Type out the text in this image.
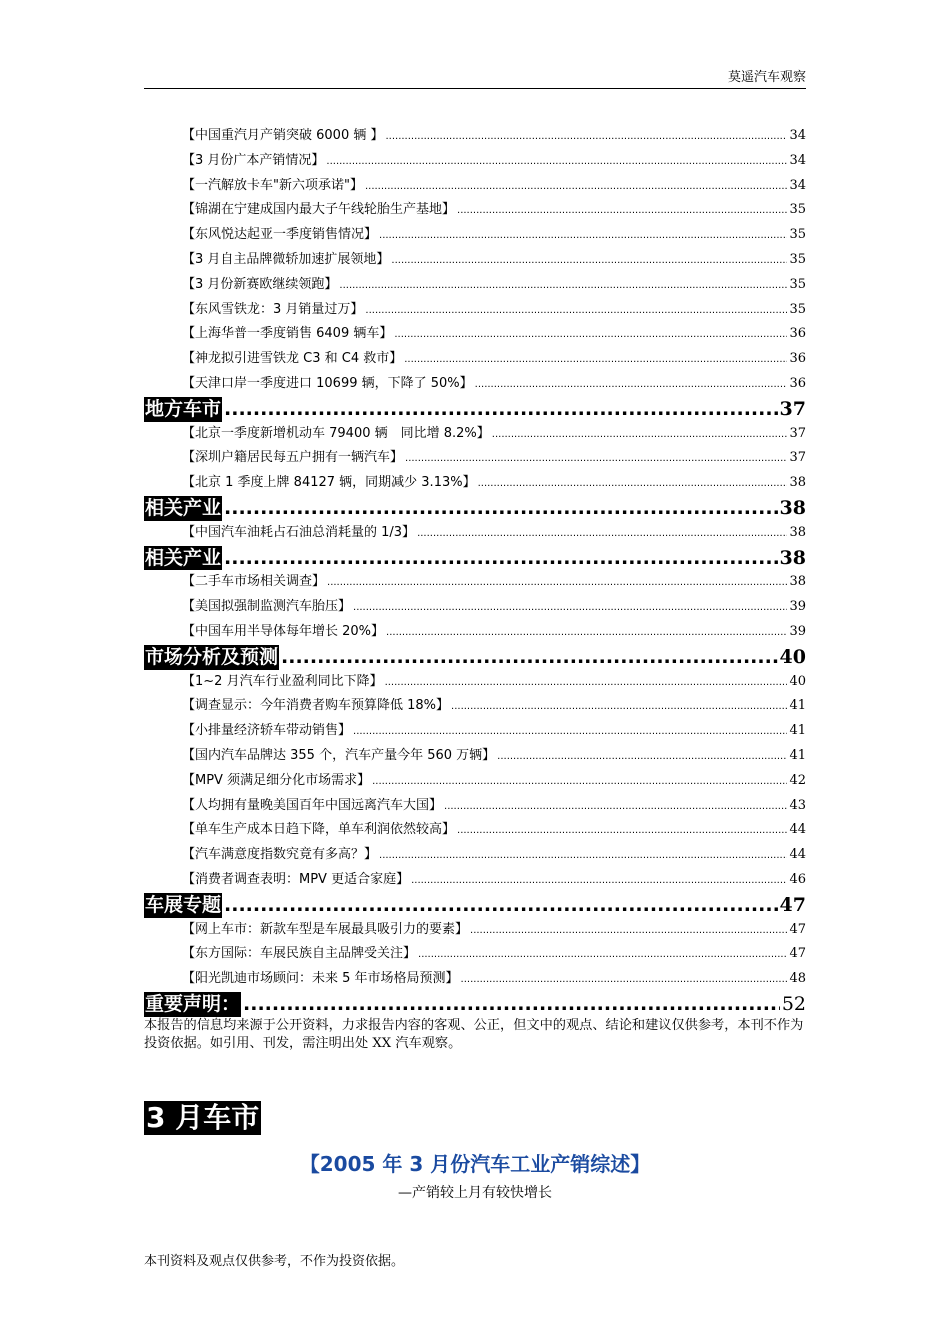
莫遥汽车观察
【中国重汽月产销突破 6000 辆 】 .....	34
【3 月份广本产销情况】 .....	34
【一汽解放卡车"新六项承诺"】 .....	34
【锦湖在宁建成国内最大子午线轮胎生产基地】 .....	35
【东风悦达起亚一季度销售情况】 .....	35
【3 月自主品牌微轿加速扩展领地】 .....	35
【3 月份新赛欧继续领跑】 .....	35
【东风雪铁龙：3 月销量过万】 .....	35
【上海华普一季度销售 6409 辆车】 .....	36
【神龙拟引进雪铁龙 C3 和 C4 救市】 .....	36
【天津口岸一季度进口 10699 辆，下降了 50%】 .....	36
地方车市 .....	37
【北京一季度新增机动车 79400 辆　同比增 8.2%】 .....	37
【深圳户籍居民每五户拥有一辆汽车】 .....	37
【北京 1 季度上牌 84127 辆，同期减少 3.13%】 .....	38
相关产业 .....	38
【中国汽车油耗占石油总消耗量的 1/3】 .....	38
相关产业 .....	38
【二手车市场相关调查】 .....	38
【美国拟强制监测汽车胎压】 .....	39
【中国车用半导体每年增长 20%】 .....	39
市场分析及预测 .....	40
【1~2 月汽车行业盈利同比下降】 .....	40
【调查显示：今年消费者购车预算降低 18%】 .....	41
【小排量经济轿车带动销售】 .....	41
【国内汽车品牌达 355 个，汽车产量今年 560 万辆】 .....	41
【MPV 须满足细分化市场需求】 .....	42
【人均拥有量晚美国百年中国远离汽车大国】 .....	43
【单车生产成本日趋下降，单车利润依然较高】 .....	44
【汽车满意度指数究竟有多高？】 .....	44
【消费者调查表明：MPV 更适合家庭】 .....	46
车展专题 .....	47
【网上车市：新款车型是车展最具吸引力的要素】 .....	47
【东方国际：车展民族自主品牌受关注】 .....	47
【阳光凯迪市场顾问：未来 5 年市场格局预测】 .....	48
重要声明： .....	52
本报告的信息均来源于公开资料，力求报告内容的客观、公正，但文中的观点、结论和建议仅供参考，本刊不作为投资依据。如引用、刊发，需注明出处 XX 汽车观察。
3 月车市
【2005 年 3 月份汽车工业产销综述】
—产销较上月有较快增长
本刊资料及观点仅供参考，不作为投资依据。
